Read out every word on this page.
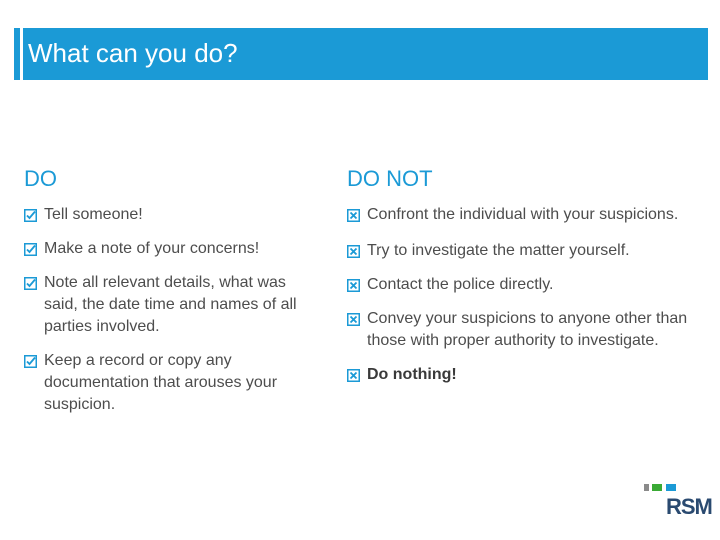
What can you do?
DO
Tell someone!
Make a note of your concerns!
Note all relevant details, what was said, the date time and names of all parties involved.
Keep a record or copy any documentation that arouses your suspicion.
DO NOT
Confront the individual with your suspicions.
Try to investigate the matter yourself.
Contact the police directly.
Convey your suspicions to anyone other than those with proper authority to investigate.
Do nothing!
RSM
